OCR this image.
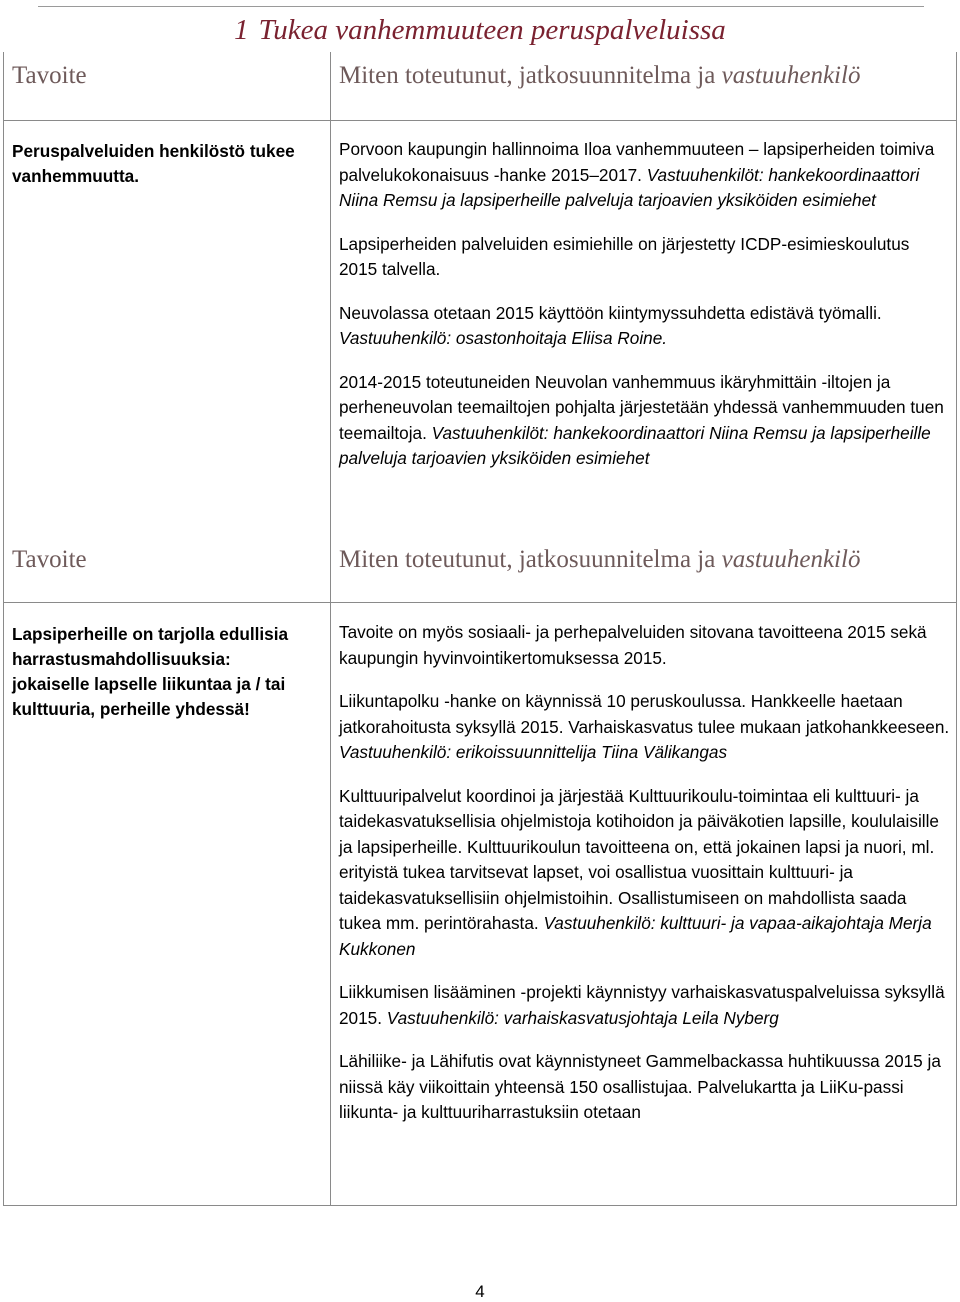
1 Tukea vanhemmuuteen peruspalveluissa
Tavoite	Miten toteutunut, jatkosuunnitelma ja vastuuhenkilö
Peruspalveluiden henkilöstö tukee vanhemmuutta.

Porvoon kaupungin hallinnoima Iloa vanhemmuuteen – lapsiperheiden toimiva palvelukokonaisuus -hanke 2015–2017. Vastuuhenkilöt: hankekoordinaattori Niina Remsu ja lapsiperheille palveluja tarjoavien yksiköiden esimiehet

Lapsiperheiden palveluiden esimiehille on järjestetty ICDP-esimieskoulutus 2015 talvella.

Neuvolassa otetaan 2015 käyttöön kiintymyssuhdetta edistävä työmalli. Vastuuhenkilö: osastonhoitaja Eliisa Roine.

2014-2015 toteutuneiden Neuvolan vanhemmuus ikäryhmittäin -iltojen ja perheneuvolan teemailtojen pohjalta järjestetään yhdessä vanhemmuuden tuen teemailtoja. Vastuuhenkilöt: hankekoordinaattori Niina Remsu ja lapsiperheille palveluja tarjoavien yksiköiden esimiehet

Tavoite	Miten toteutunut, jatkosuunnitelma ja vastuuhenkilö
Lapsiperheille on tarjolla edullisia harrastusmahdollisuuksia: jokaiselle lapselle liikuntaa ja / tai kulttuuria, perheille yhdessä!

Tavoite on myös sosiaali- ja perhepalveluiden sitovana tavoitteena 2015 sekä kaupungin hyvinvointikertomuksessa 2015.

Liikuntapolku -hanke on käynnissä 10 peruskoulussa. Hankkeelle haetaan jatkorahoitusta syksyllä 2015. Varhaiskasvatus tulee mukaan jatkohankkeeseen. Vastuuhenkilö: erikoissuunnittelija Tiina Välikangas

Kulttuuripalvelut koordinoi ja järjestää Kulttuurikoulu-toimintaa eli kulttuuri- ja taidekasvatuksellisia ohjelmistoja kotihoidon ja päiväkotien lapsille, koululaisille ja lapsiperheille. Kulttuurikoulun tavoitteena on, että jokainen lapsi ja nuori, ml. erityistä tukea tarvitsevat lapset, voi osallistua vuosittain kulttuuri- ja taidekasvatuksellisiin ohjelmistoihin. Osallistumiseen on mahdollista saada tukea mm. perintörahasta. Vastuuhenkilö: kulttuuri- ja vapaa-aikajohtaja Merja Kukkonen

Liikkumisen lisääminen -projekti käynnistyy varhaiskasvatuspalveluissa syksyllä 2015. Vastuuhenkilö: varhaiskasvatusjohtaja Leila Nyberg

Lähiliike- ja Lähifutis ovat käynnistyneet Gammelbackassa huhtikuussa 2015 ja niissä käy viikoittain yhteensä 150 osallistujaa. Palvelukartta ja LiiKu-passi liikunta- ja kulttuuriharrastuksiin otetaan

4
